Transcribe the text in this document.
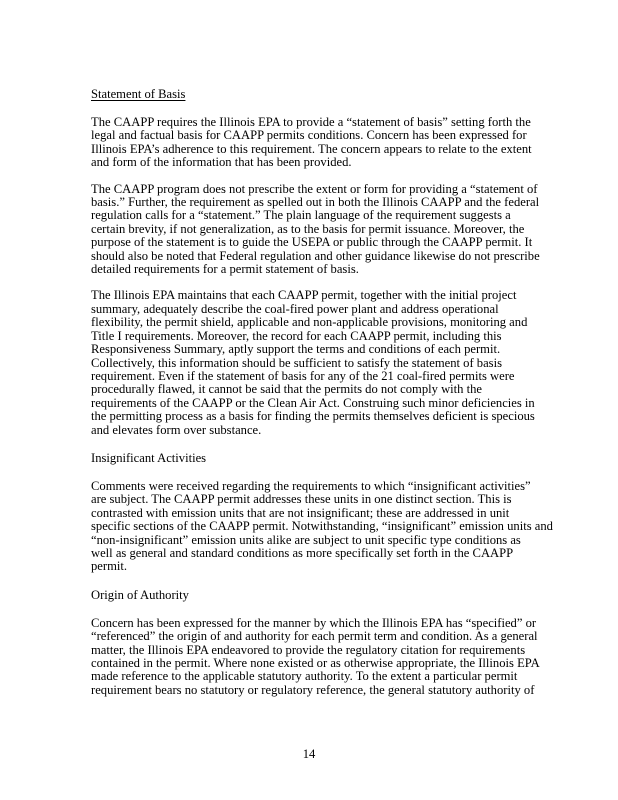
Statement of Basis

The CAAPP requires the Illinois EPA to provide a “statement of basis” setting forth the
legal and factual basis for CAAPP permits conditions. Concern has been expressed for
Illinois EPA’s adherence to this requirement. The concern appears to relate to the extent
and form of the information that has been provided.

The CAAPP program does not prescribe the extent or form for providing a “statement of
basis.” Further, the requirement as spelled out in both the Illinois CAAPP and the federal
regulation calls for a “statement.” The plain language of the requirement suggests a
certain brevity, if not generalization, as to the basis for permit issuance. Moreover, the
purpose of the statement is to guide the USEPA or public through the CAAPP permit. It
should also be noted that Federal regulation and other guidance likewise do not prescribe
detailed requirements for a permit statement of basis.

The Illinois EPA maintains that each CAAPP permit, together with the initial project
summary, adequately describe the coal-fired power plant and address operational
flexibility, the permit shield, applicable and non-applicable provisions, monitoring and
Title I requirements. Moreover, the record for each CAAPP permit, including this
Responsiveness Summary, aptly support the terms and conditions of each permit.
Collectively, this information should be sufficient to satisfy the statement of basis
requirement. Even if the statement of basis for any of the 21 coal-fired permits were
procedurally flawed, it cannot be said that the permits do not comply with the
requirements of the CAAPP or the Clean Air Act. Construing such minor deficiencies in
the permitting process as a basis for finding the permits themselves deficient is specious
and elevates form over substance.

Insignificant Activities

Comments were received regarding the requirements to which “insignificant activities”
are subject. The CAAPP permit addresses these units in one distinct section. This is
contrasted with emission units that are not insignificant; these are addressed in unit
specific sections of the CAAPP permit. Notwithstanding, “insignificant” emission units and
“non-insignificant” emission units alike are subject to unit specific type conditions as
well as general and standard conditions as more specifically set forth in the CAAPP
permit.

Origin of Authority

Concern has been expressed for the manner by which the Illinois EPA has “specified” or
“referenced” the origin of and authority for each permit term and condition. As a general
matter, the Illinois EPA endeavored to provide the regulatory citation for requirements
contained in the permit. Where none existed or as otherwise appropriate, the Illinois EPA
made reference to the applicable statutory authority. To the extent a particular permit
requirement bears no statutory or regulatory reference, the general statutory authority of

14
